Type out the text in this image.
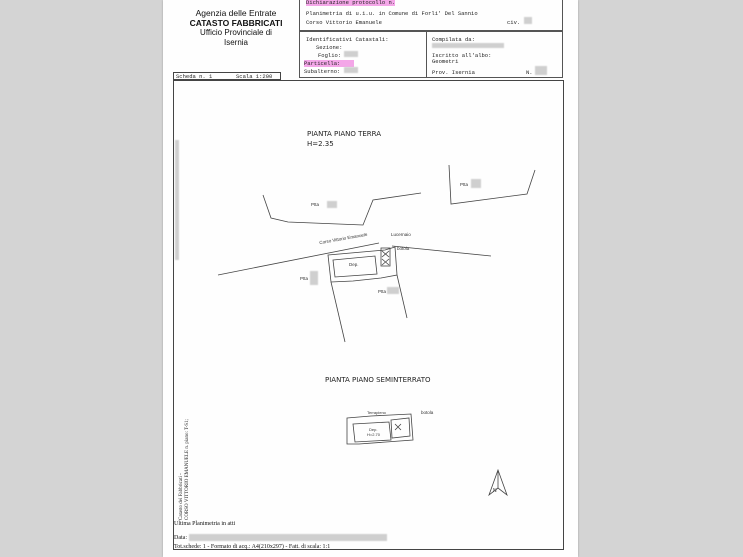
Agenzia delle Entrate
CATASTO FABBRICATI
Ufficio Provinciale di
Isernia
Dichiarazione protocollo n.
Planimetria di u.i.u. in Comune di Forli' Del Sannio
Corso Vittorio Emanuele	civ.
Identificativi Catastali:
Sezione:
Foglio:
Particella:
Subalterno:
Compilata da:
Iscritto all'albo:
Geometri
Prov. Isernia	N.
Scheda n. 1	Scala 1:200
PIANTA PIANO TERRA
H=2.35
PIANTA PIANO SEMINTERRATO
N
Ptta
Ptta
Corso Vittorio Emanuele	Lucernaio
botola
Dep.
Ptta
Ptta
Terrapieno
Dep.
H=2.70
botola
Catasto dei Fabbricati - CORSO VITTORIO EMANUELE n. piano: T-S1;
Ultima Planimetria in atti
Data:
Tot.schede: 1 - Formato di acq.: A4(210x297) - Fatt. di scala: 1:1
